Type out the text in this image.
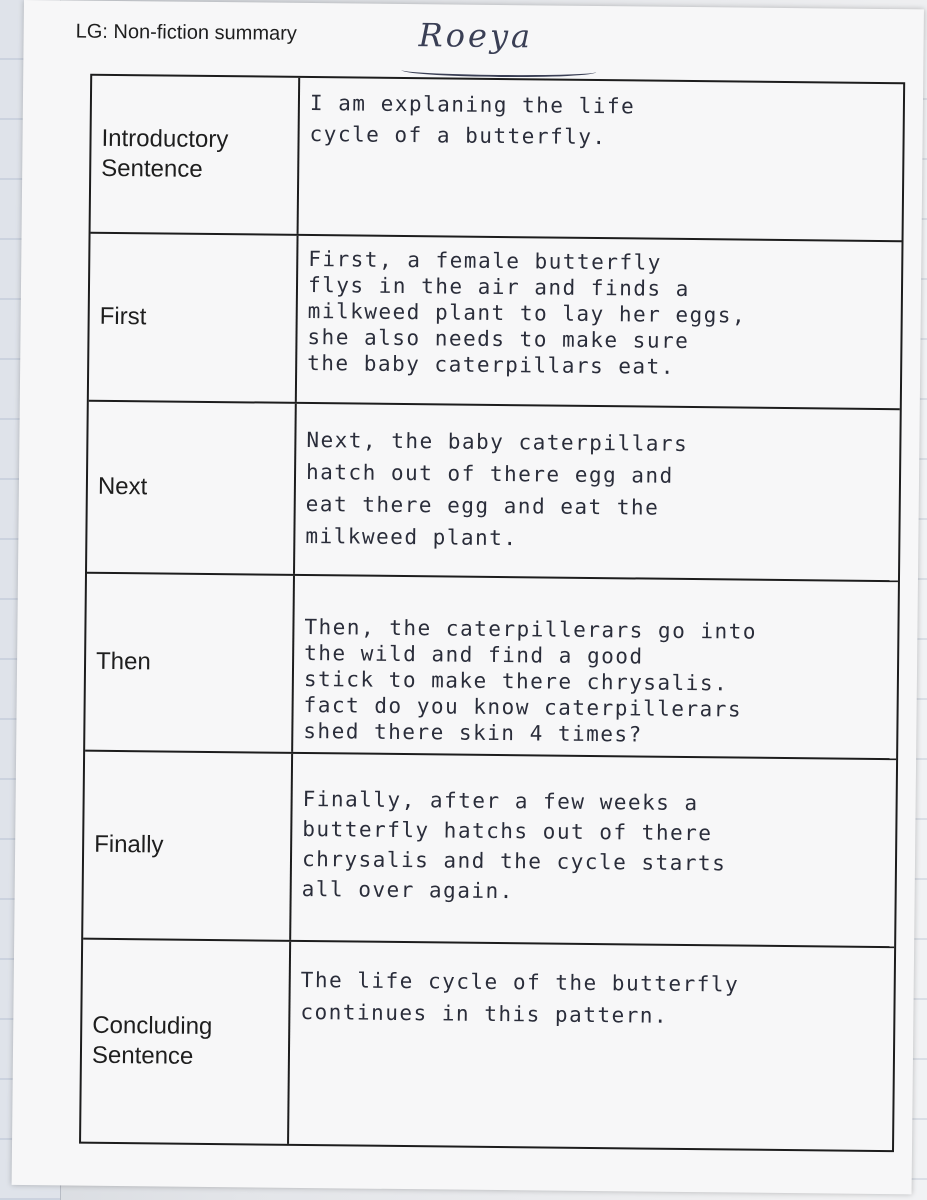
LG: Non-fiction summary	Roeya
Introductory
Sentence
I am explaning the life
cycle of a butterfly.
First
First, a female butterfly
flys in the air and finds a
milkweed plant to lay her eggs,
she also needs to make sure
the baby caterpillars eat.
Next
Next, the baby caterpillars
hatch out of there egg and
eat there egg and eat the
milkweed plant.
Then
Then, the caterpillerars go into
the wild and find a good
stick to make there chrysalis.
fact do you know caterpillerars
shed there skin 4 times?
Finally
Finally, after a few weeks a
butterfly hatchs out of there
chrysalis and the cycle starts
all over again.
Concluding
Sentence
The life cycle of the butterfly
continues in this pattern.
